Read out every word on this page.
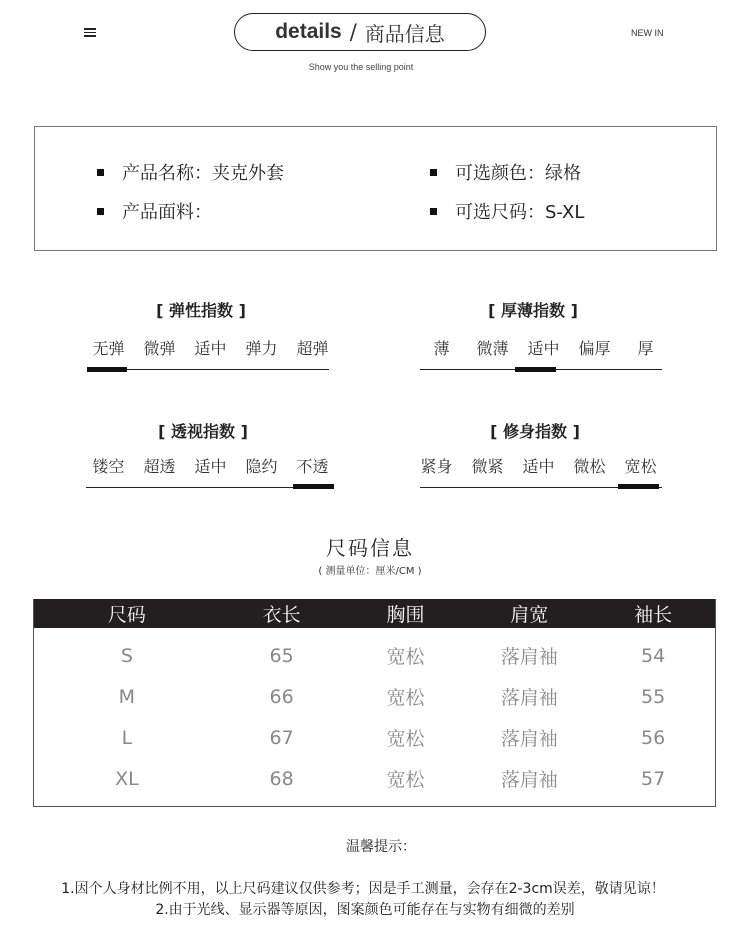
details / 商品信息
Show you the selling point
NEW IN
产品名称：夹克外套
产品面料：
可选颜色：绿格
可选尺码：S-XL
[ 弹性指数 ]
无弹	微弹	适中	弹力	超弹
[ 厚薄指数 ]
薄	微薄	适中	偏厚	厚
[ 透视指数 ]
镂空	超透	适中	隐约	不透
[ 修身指数 ]
紧身	微紧	适中	微松	宽松
尺码信息
( 测量单位：厘米/CM )
尺码	衣长	胸围	肩宽	袖长
S	65	宽松	落肩袖	54
M	66	宽松	落肩袖	55
L	67	宽松	落肩袖	56
XL	68	宽松	落肩袖	57
温馨提示：
1.因个人身材比例不用，以上尺码建议仅供参考；因是手工测量，会存在2-3cm误差，敬请见谅！
2.由于光线、显示器等原因，图案颜色可能存在与实物有细微的差别
